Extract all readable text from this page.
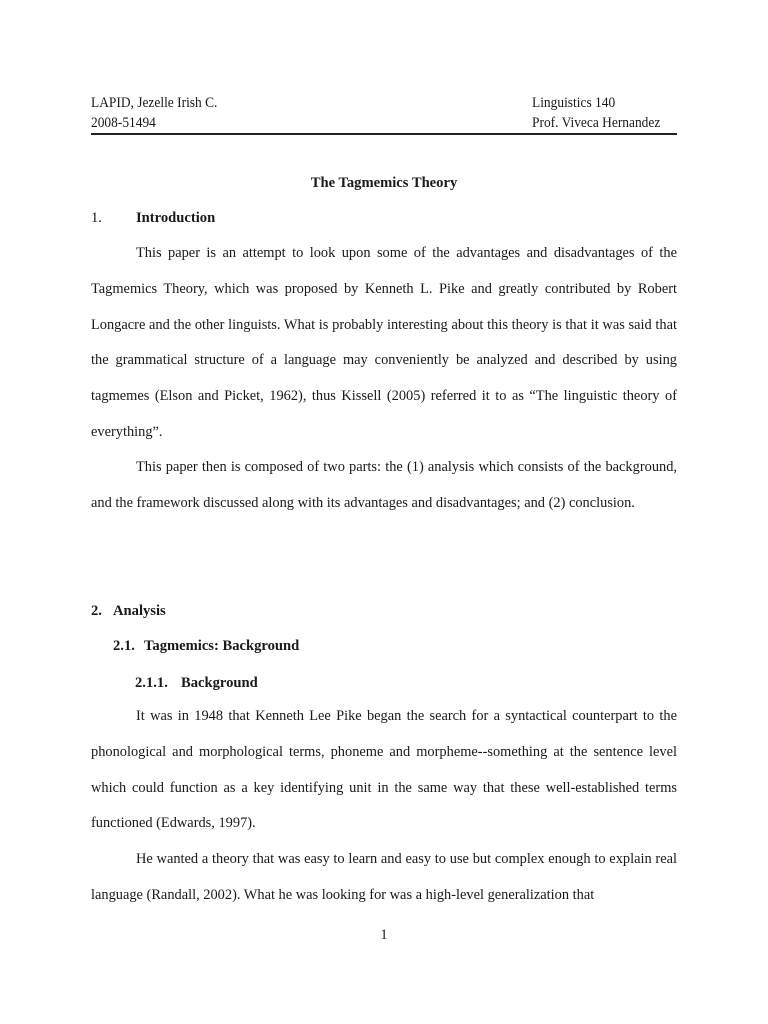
LAPID, Jezelle Irish C.
2008-51494
Linguistics 140
Prof. Viveca Hernandez
The Tagmemics Theory
1. Introduction

This paper is an attempt to look upon some of the advantages and disadvantages of the Tagmemics Theory, which was proposed by Kenneth L. Pike and greatly contributed by Robert Longacre and the other linguists. What is probably interesting about this theory is that it was said that the grammatical structure of a language may conveniently be analyzed and described by using tagmemes (Elson and Picket, 1962), thus Kissell (2005) referred it to as “The linguistic theory of everything”.

This paper then is composed of two parts: the (1) analysis which consists of the background, and the framework discussed along with its advantages and disadvantages; and (2) conclusion.

2. Analysis
2.1. Tagmemics: Background
2.1.1. Background

It was in 1948 that Kenneth Lee Pike began the search for a syntactical counterpart to the phonological and morphological terms, phoneme and morpheme--something at the sentence level which could function as a key identifying unit in the same way that these well-established terms functioned (Edwards, 1997).

He wanted a theory that was easy to learn and easy to use but complex enough to explain real language (Randall, 2002). What he was looking for was a high-level generalization that

1
